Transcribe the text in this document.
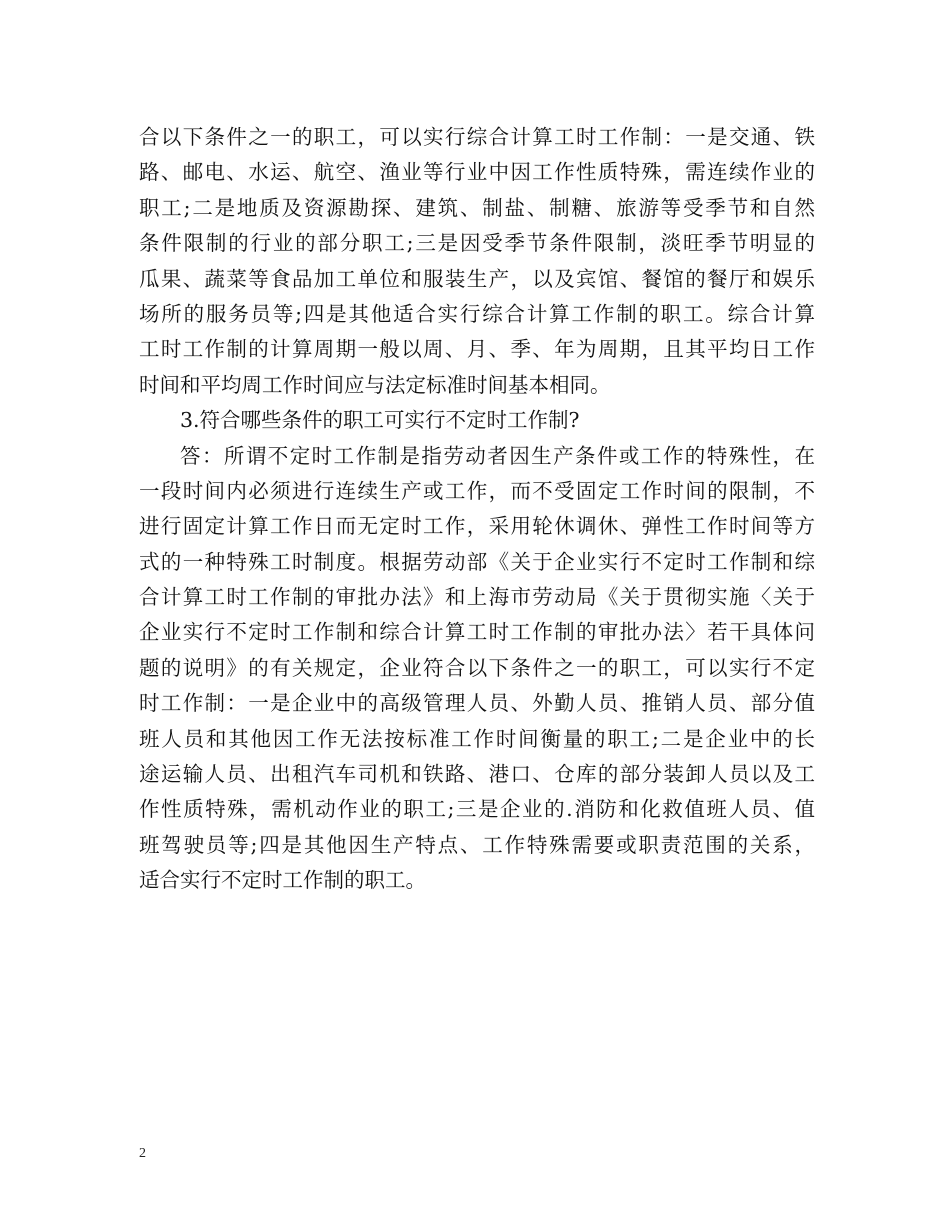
合以下条件之一的职工，可以实行综合计算工时工作制：一是交通、铁
路、邮电、水运、航空、渔业等行业中因工作性质特殊，需连续作业的
职工;二是地质及资源勘探、建筑、制盐、制糖、旅游等受季节和自然
条件限制的行业的部分职工;三是因受季节条件限制，淡旺季节明显的
瓜果、蔬菜等食品加工单位和服装生产，以及宾馆、餐馆的餐厅和娱乐
场所的服务员等;四是其他适合实行综合计算工作制的职工。综合计算
工时工作制的计算周期一般以周、月、季、年为周期，且其平均日工作
时间和平均周工作时间应与法定标准时间基本相同。
3.符合哪些条件的职工可实行不定时工作制?
答：所谓不定时工作制是指劳动者因生产条件或工作的特殊性，在
一段时间内必须进行连续生产或工作，而不受固定工作时间的限制，不
进行固定计算工作日而无定时工作，采用轮休调休、弹性工作时间等方
式的一种特殊工时制度。根据劳动部《关于企业实行不定时工作制和综
合计算工时工作制的审批办法》和上海市劳动局《关于贯彻实施〈关于
企业实行不定时工作制和综合计算工时工作制的审批办法〉若干具体问
题的说明》的有关规定，企业符合以下条件之一的职工，可以实行不定
时工作制：一是企业中的高级管理人员、外勤人员、推销人员、部分值
班人员和其他因工作无法按标准工作时间衡量的职工;二是企业中的长
途运输人员、出租汽车司机和铁路、港口、仓库的部分装卸人员以及工
作性质特殊，需机动作业的职工;三是企业的.消防和化救值班人员、值
班驾驶员等;四是其他因生产特点、工作特殊需要或职责范围的关系，
适合实行不定时工作制的职工。
2
